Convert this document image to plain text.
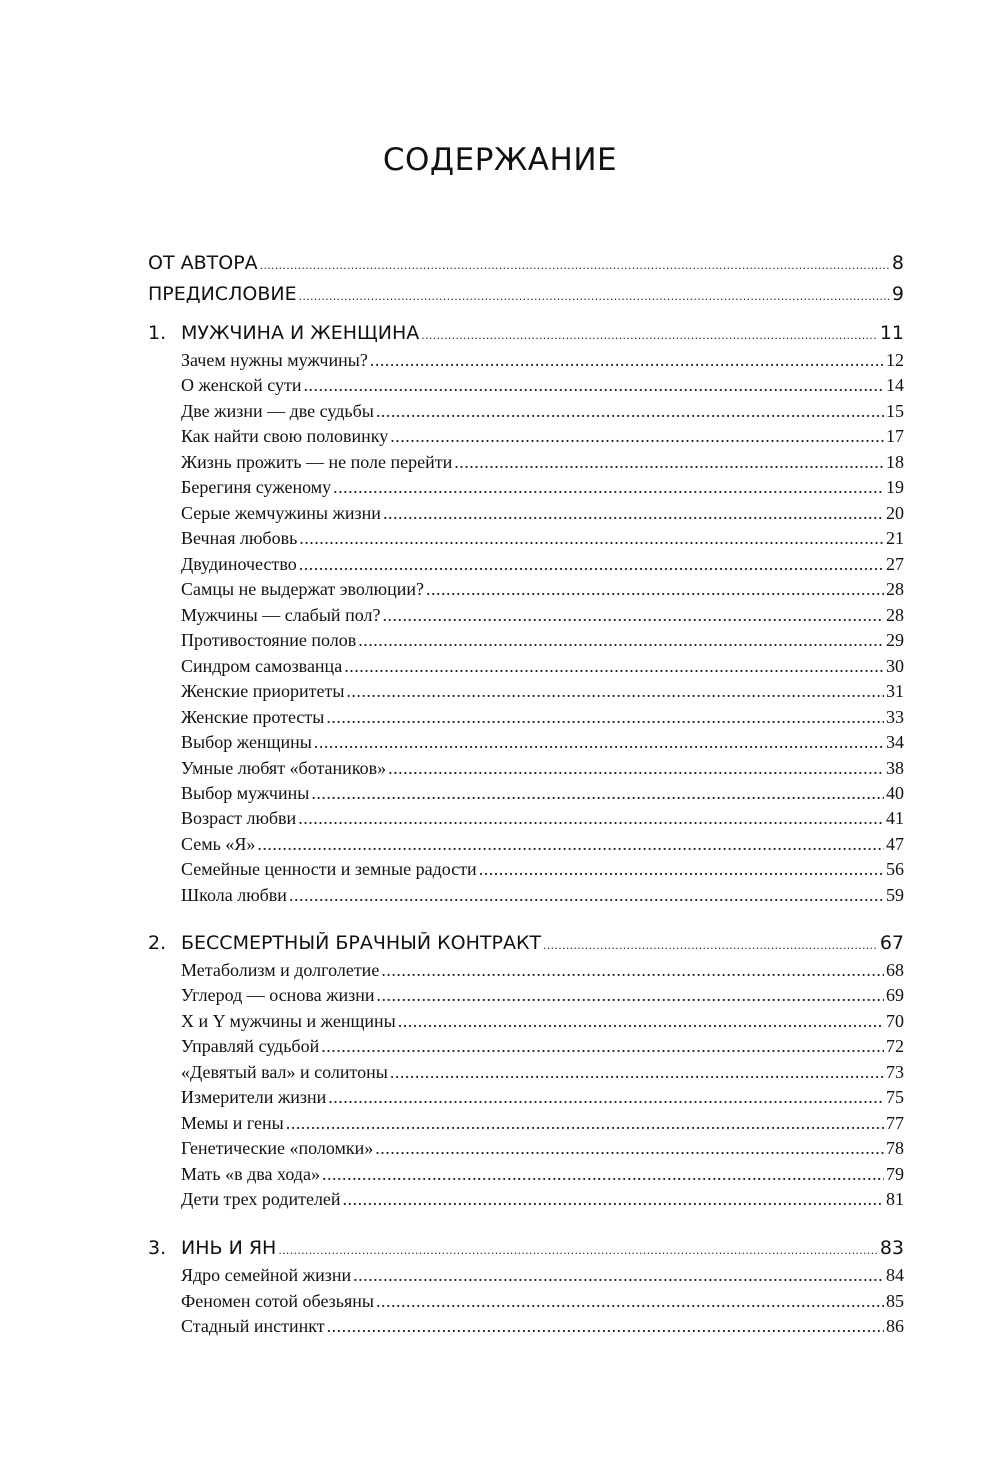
СОДЕРЖАНИЕ
ОТ АВТОРА .....	8
ПРЕДИСЛОВИЕ .....	9
1. МУЖЧИНА И ЖЕНЩИНА .....	11
Зачем нужны мужчины? .....	12
О женской сути .....	14
Две жизни — две судьбы .....	15
Как найти свою половинку .....	17
Жизнь прожить — не поле перейти .....	18
Берегиня суженому .....	19
Серые жемчужины жизни .....	20
Вечная любовь .....	21
Двудиночество .....	27
Самцы не выдержат эволюции? .....	28
Мужчины — слабый пол? .....	28
Противостояние полов .....	29
Синдром самозванца .....	30
Женские приоритеты .....	31
Женские протесты .....	33
Выбор женщины .....	34
Умные любят «ботаников» .....	38
Выбор мужчины .....	40
Возраст любви .....	41
Семь «Я» .....	47
Семейные ценности и земные радости .....	56
Школа любви .....	59
2. БЕССМЕРТНЫЙ БРАЧНЫЙ КОНТРАКТ .....	67
Метаболизм и долголетие .....	68
Углерод — основа жизни .....	69
X и Y мужчины и женщины .....	70
Управляй судьбой .....	72
«Девятый вал» и солитоны .....	73
Измерители жизни .....	75
Мемы и гены .....	77
Генетические «поломки» .....	78
Мать «в два хода» .....	79
Дети трех родителей .....	81
3. ИНЬ И ЯН .....	83
Ядро семейной жизни .....	84
Феномен сотой обезьяны .....	85
Стадный инстинкт .....	86
